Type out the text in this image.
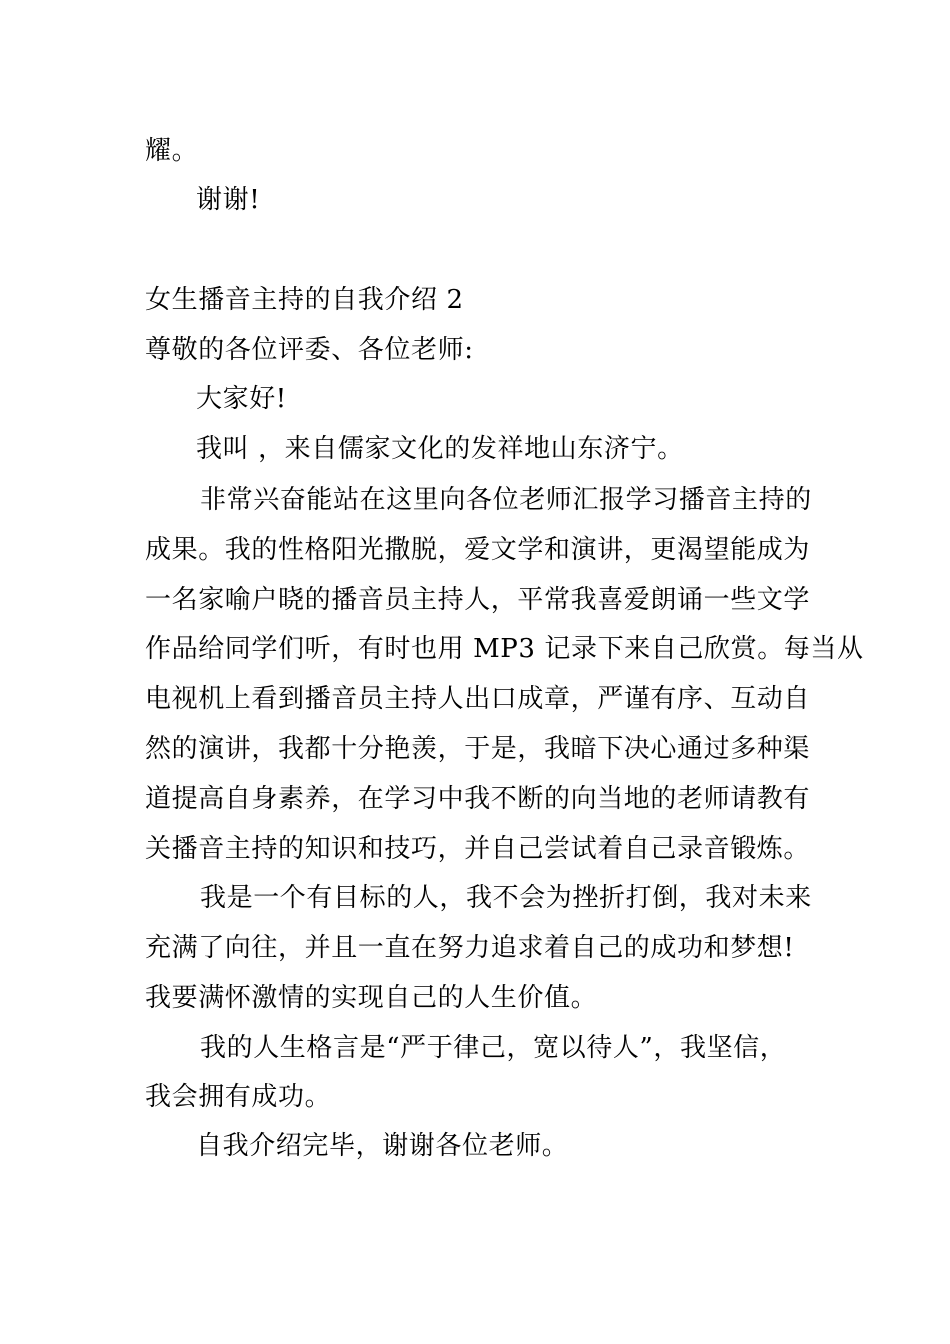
耀。
谢谢!
女生播音主持的自我介绍 2
尊敬的各位评委、各位老师:
大家好!
我叫 ，来自儒家文化的发祥地山东济宁。
非常兴奋能站在这里向各位老师汇报学习播音主持的
成果。我的性格阳光撒脱，爱文学和演讲，更渴望能成为
一名家喻户晓的播音员主持人，平常我喜爱朗诵一些文学
作品给同学们听，有时也用 MP3 记录下来自己欣赏。每当从
电视机上看到播音员主持人出口成章，严谨有序、互动自
然的演讲，我都十分艳羡，于是，我暗下决心通过多种渠
道提高自身素养，在学习中我不断的向当地的老师请教有
关播音主持的知识和技巧，并自己尝试着自己录音锻炼。
我是一个有目标的人，我不会为挫折打倒，我对未来
充满了向往，并且一直在努力追求着自己的成功和梦想!
我要满怀激情的实现自己的人生价值。
我的人生格言是“严于律己，宽以待人”，我坚信，
我会拥有成功。
自我介绍完毕，谢谢各位老师。
